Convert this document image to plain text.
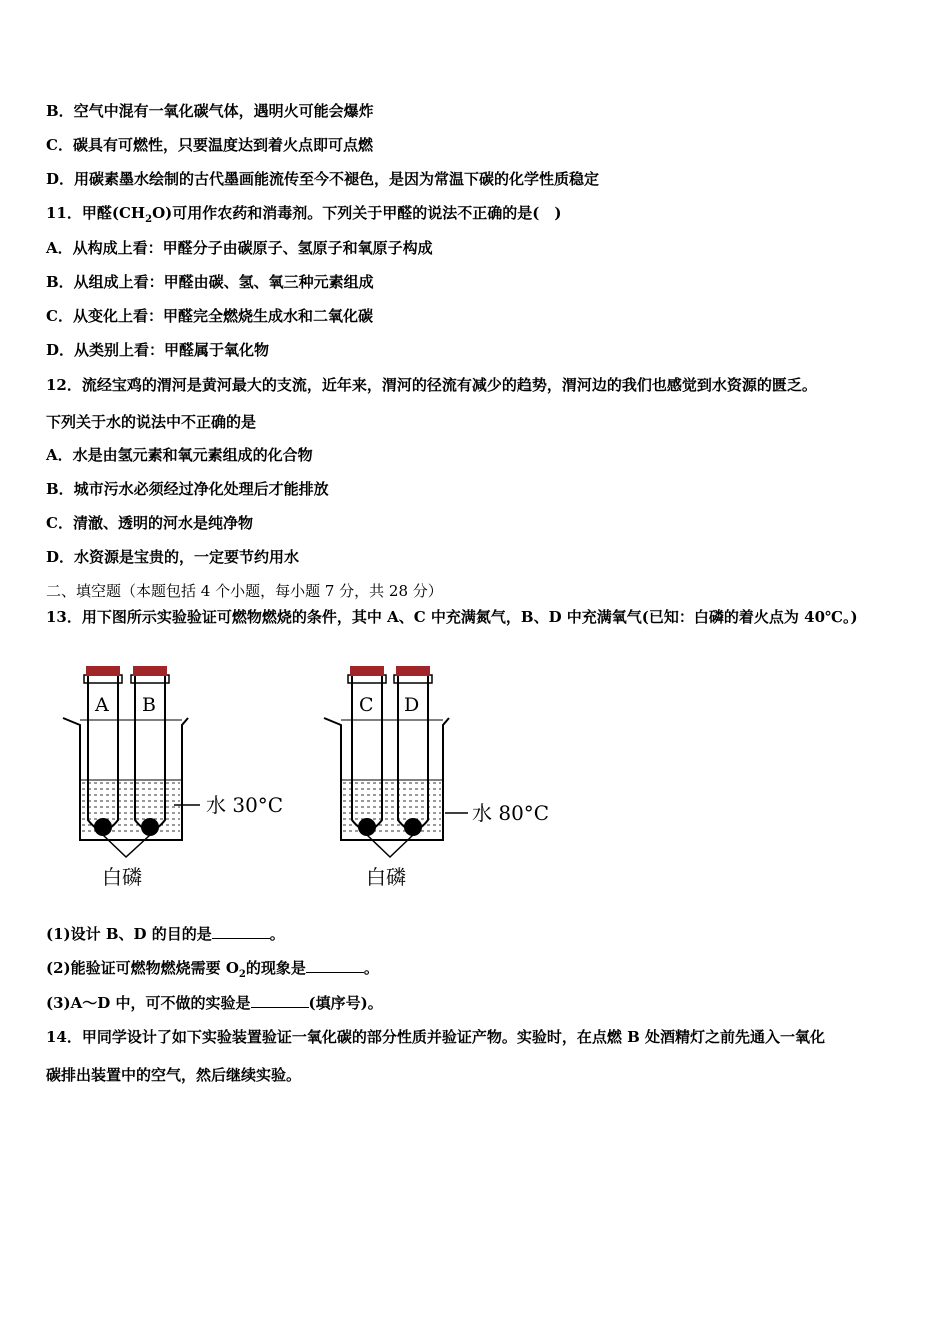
B．空气中混有一氧化碳气体，遇明火可能会爆炸
C．碳具有可燃性，只要温度达到着火点即可点燃
D．用碳素墨水绘制的古代墨画能流传至今不褪色，是因为常温下碳的化学性质稳定
11．甲醛$(CH_2O)$可用作农药和消毒剂。下列关于甲醛的说法不正确的是(　)
A．从构成上看：甲醛分子由碳原子、氢原子和氧原子构成
B．从组成上看：甲醛由碳、氢、氧三种元素组成
C．从变化上看：甲醛完全燃烧生成水和二氧化碳
D．从类别上看：甲醛属于氧化物
12．流经宝鸡的渭河是黄河最大的支流，近年来，渭河的径流有减少的趋势，渭河边的我们也感觉到水资源的匮乏。
下列关于水的说法中不正确的是
A．水是由氢元素和氧元素组成的化合物
B．城市污水必须经过净化处理后才能排放
C．清澈、透明的河水是纯净物
D．水资源是宝贵的，一定要节约用水
二、填空题（本题包括 4 个小题，每小题 7 分，共 28 分）
13．用下图所示实验验证可燃物燃烧的条件，其中 A、C 中充满氮气，B、D 中充满氧气(已知：白磷的着火点为 40℃。)
A B
水 30°C
白磷
C D
水 80°C
白磷
(1)设计 B、D 的目的是	。
(2)能验证可燃物燃烧需要 $O_2$的现象是	。
(3)A～D 中，可不做的实验是	(填序号)。
14．甲同学设计了如下实验装置验证一氧化碳的部分性质并验证产物。实验时，在点燃 B 处酒精灯之前先通入一氧化
碳排出装置中的空气，然后继续实验。
